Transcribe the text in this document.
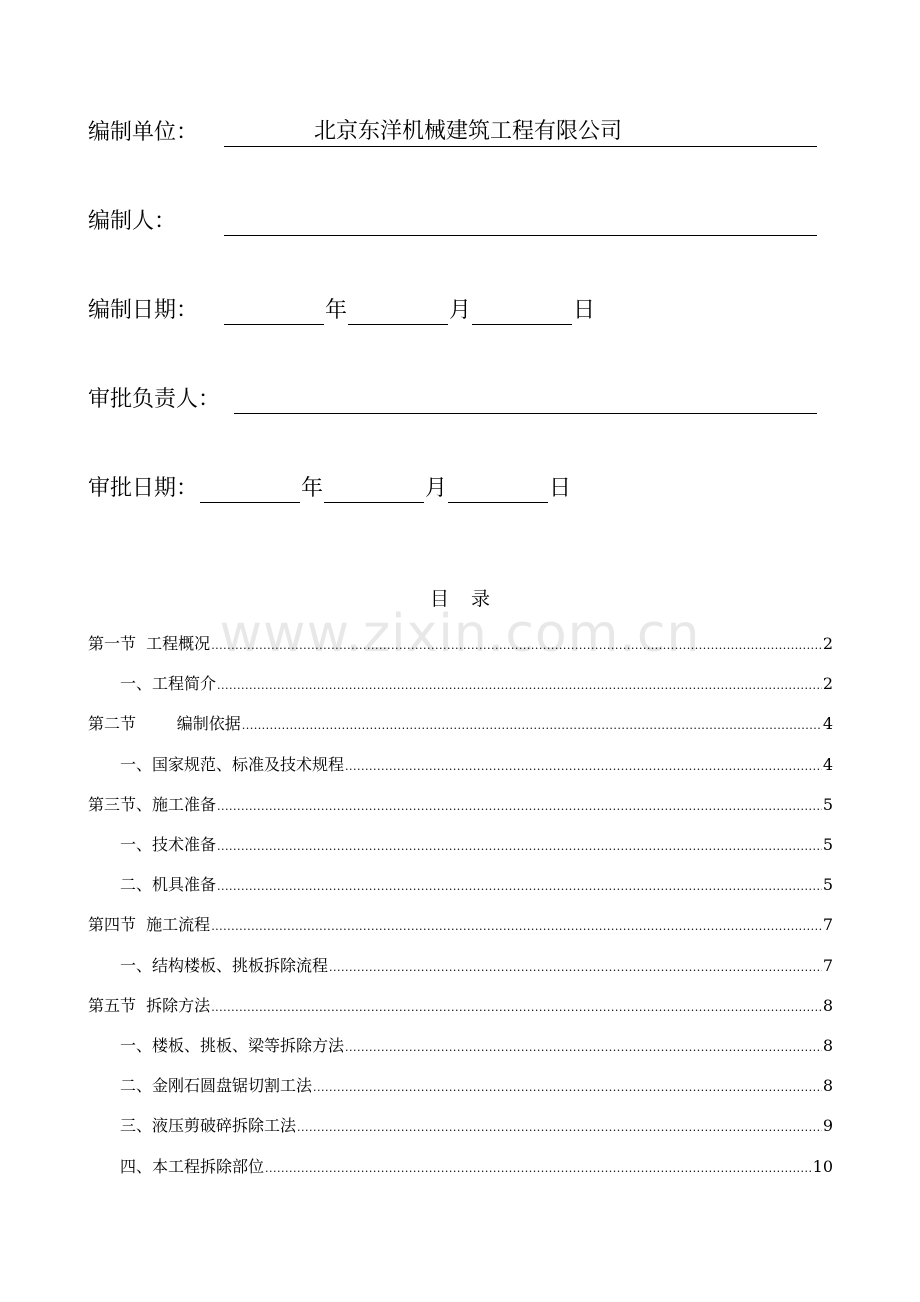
编制单位：	北京东洋机械建筑工程有限公司
编制人：
编制日期：	年	月	日
审批负责人：
审批日期：	年	月	日
目录
www.zixin.com.cn
第一节  工程概况 .....	2
一、工程简介 .....	2
第二节        编制依据 .....	4
一、国家规范、标准及技术规程 .....	4
第三节、施工准备 .....	5
一、技术准备 .....	5
二、机具准备 .....	5
第四节  施工流程 .....	7
一、结构楼板、挑板拆除流程 .....	7
第五节  拆除方法 .....	8
一、楼板、挑板、梁等拆除方法 .....	8
二、金刚石圆盘锯切割工法 .....	8
三、液压剪破碎拆除工法 .....	9
四、本工程拆除部位 .....	10
